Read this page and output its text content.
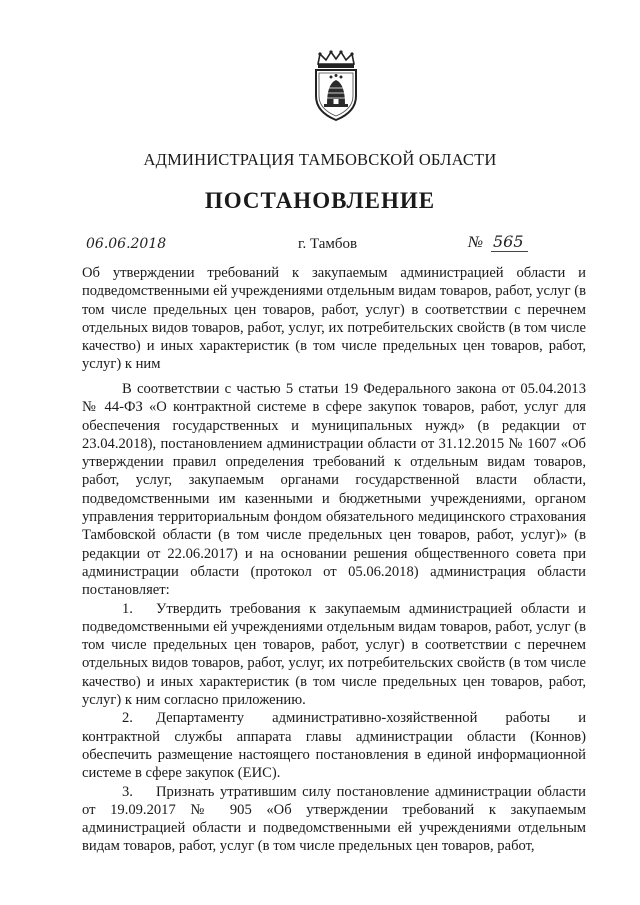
АДМИНИСТРАЦИЯ ТАМБОВСКОЙ ОБЛАСТИ
ПОСТАНОВЛЕНИЕ
06.06.2018	г. Тамбов	№ 565
Об утверждении требований к закупаемым администрацией области и подведомственными ей учреждениями отдельным видам товаров, работ, услуг (в том числе предельных цен товаров, работ, услуг) в соответствии с перечнем отдельных видов товаров, работ, услуг, их потребительских свойств (в том числе качество) и иных характеристик (в том числе предельных цен товаров, работ, услуг) к ним

В соответствии с частью 5 статьи 19 Федерального закона от 05.04.2013 № 44-ФЗ «О контрактной системе в сфере закупок товаров, работ, услуг для обеспечения государственных и муниципальных нужд» (в редакции от 23.04.2018), постановлением администрации области от 31.12.2015 № 1607 «Об утверждении правил определения требований к отдельным видам товаров, работ, услуг, закупаемым органами государственной власти области, подведомственными им казенными и бюджетными учреждениями, органом управления территориальным фондом обязательного медицинского страхования Тамбовской области (в том числе предельных цен товаров, работ, услуг)» (в редакции от 22.06.2017) и на основании решения общественного совета при администрации области (протокол от 05.06.2018) администрация области постановляет:

1. Утвердить требования к закупаемым администрацией области и подведомственными ей учреждениями отдельным видам товаров, работ, услуг (в том числе предельных цен товаров, работ, услуг) в соответствии с перечнем отдельных видов товаров, работ, услуг, их потребительских свойств (в том числе качество) и иных характеристик (в том числе предельных цен товаров, работ, услуг) к ним согласно приложению.

2. Департаменту административно-хозяйственной работы и контрактной службы аппарата главы администрации области (Коннов) обеспечить размещение настоящего постановления в единой информационной системе в сфере закупок (ЕИС).

3. Признать утратившим силу постановление администрации области от 19.09.2017 № 905 «Об утверждении требований к закупаемым администрацией области и подведомственными ей учреждениями отдельным видам товаров, работ, услуг (в том числе предельных цен товаров, работ,
